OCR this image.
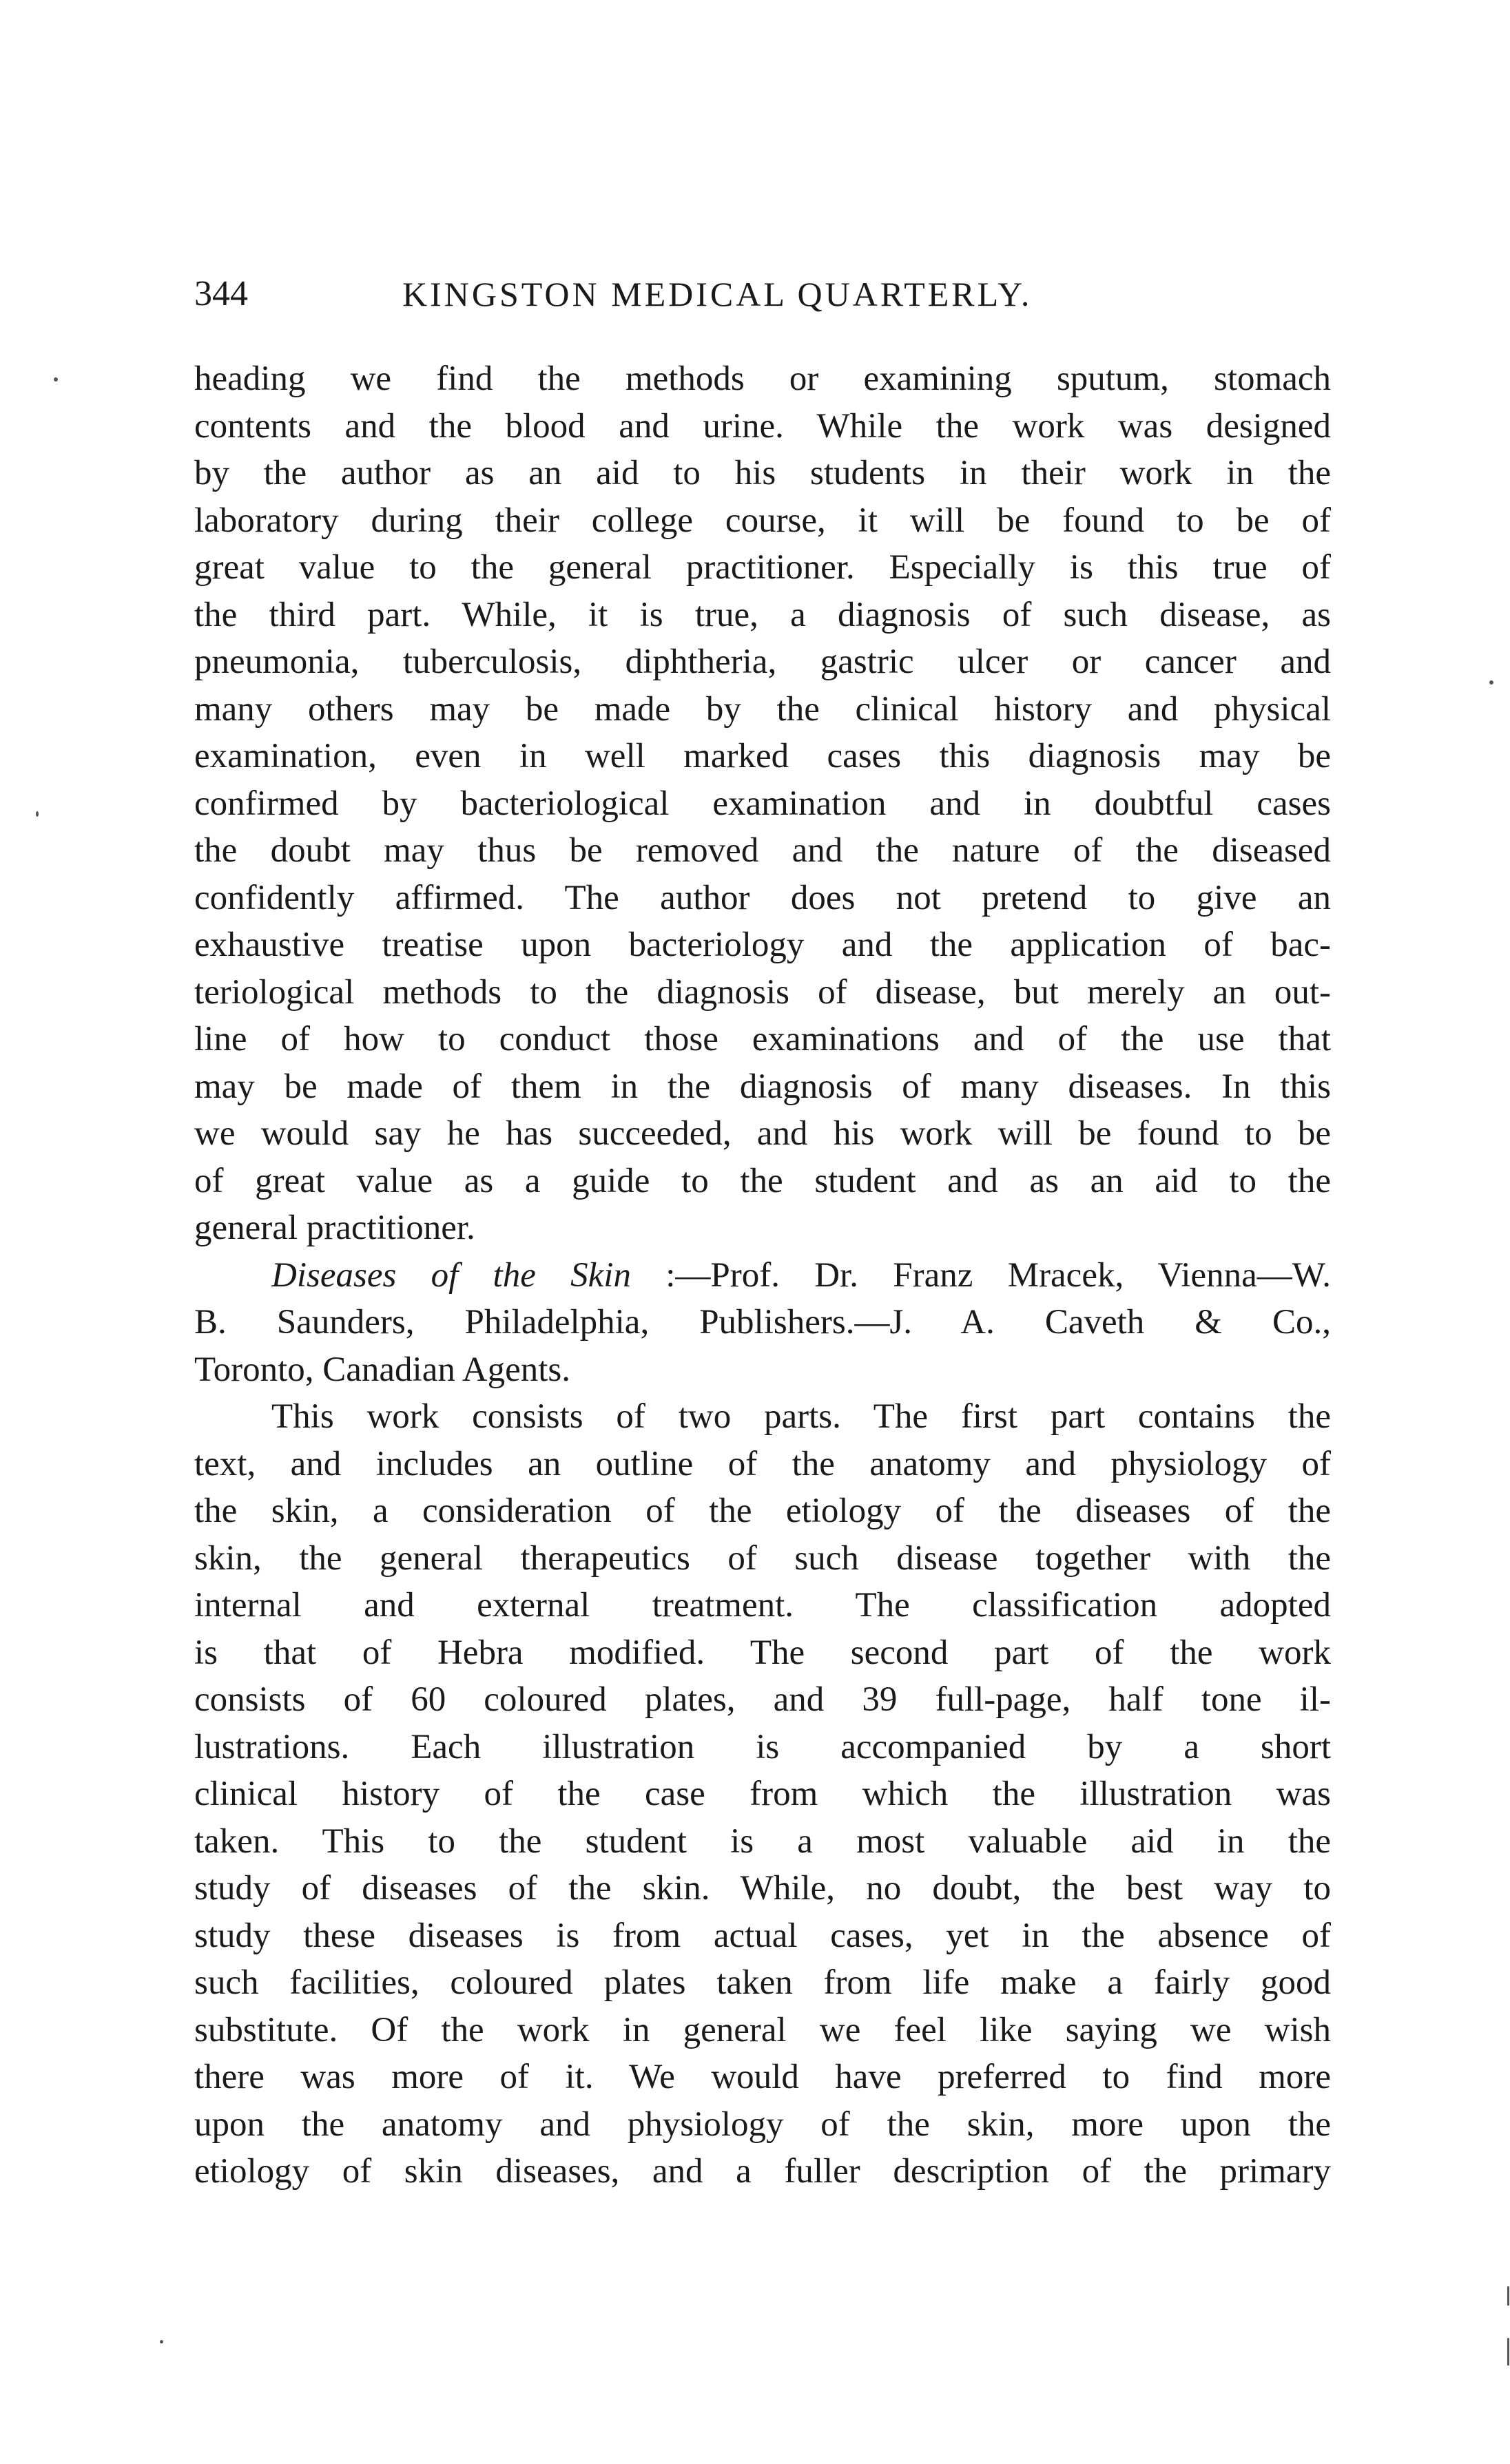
344	KINGSTON MEDICAL QUARTERLY.
heading we find the methods or examining sputum, stomach
contents and the blood and urine. While the work was designed
by the author as an aid to his students in their work in the
laboratory during their college course, it will be found to be of
great value to the general practitioner. Especially is this true of
the third part. While, it is true, a diagnosis of such disease, as
pneumonia, tuberculosis, diphtheria, gastric ulcer or cancer and
many others may be made by the clinical history and physical
examination, even in well marked cases this diagnosis may be
confirmed by bacteriological examination and in doubtful cases
the doubt may thus be removed and the nature of the diseased
confidently affirmed. The author does not pretend to give an
exhaustive treatise upon bacteriology and the application of bac-
teriological methods to the diagnosis of disease, but merely an out-
line of how to conduct those examinations and of the use that
may be made of them in the diagnosis of many diseases. In this
we would say he has succeeded, and his work will be found to be
of great value as a guide to the student and as an aid to the
general practitioner.
Diseases of the Skin :—Prof. Dr. Franz Mracek, Vienna—W.
B. Saunders, Philadelphia, Publishers.—J. A. Caveth & Co.,
Toronto, Canadian Agents.
This work consists of two parts. The first part contains the
text, and includes an outline of the anatomy and physiology of
the skin, a consideration of the etiology of the diseases of the
skin, the general therapeutics of such disease together with the
internal and external treatment. The classification adopted
is that of Hebra modified. The second part of the work
consists of 60 coloured plates, and 39 full-page, half tone il-
lustrations. Each illustration is accompanied by a short
clinical history of the case from which the illustration was
taken. This to the student is a most valuable aid in the
study of diseases of the skin. While, no doubt, the best way to
study these diseases is from actual cases, yet in the absence of
such facilities, coloured plates taken from life make a fairly good
substitute. Of the work in general we feel like saying we wish
there was more of it. We would have preferred to find more
upon the anatomy and physiology of the skin, more upon the
etiology of skin diseases, and a fuller description of the primary
